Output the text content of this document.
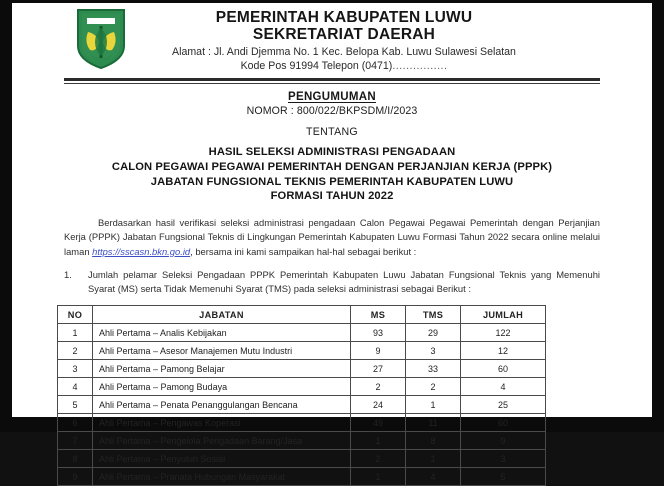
PEMERINTAH KABUPATEN LUWU
SEKRETARIAT DAERAH
Alamat : Jl. Andi Djemma No. 1 Kec. Belopa Kab. Luwu Sulawesi Selatan
Kode Pos 91994 Telepon (0471)................
PENGUMUMAN
NOMOR : 800/022/BKPSDM/I/2023
TENTANG
HASIL SELEKSI ADMINISTRASI PENGADAAN
CALON PEGAWAI PEGAWAI PEMERINTAH DENGAN PERJANJIAN KERJA (PPPK)
JABATAN FUNGSIONAL TEKNIS PEMERINTAH KABUPATEN LUWU
FORMASI TAHUN 2022
Berdasarkan hasil verifikasi seleksi administrasi pengadaan Calon Pegawai Pegawai Pemerintah dengan Perjanjian Kerja (PPPK) Jabatan Fungsional Teknis di Lingkungan Pemerintah Kabupaten Luwu Formasi Tahun 2022 secara online melalui laman https://sscasn.bkn.go.id, bersama ini kami sampaikan hal-hal sebagai berikut :
1.	Jumlah pelamar Seleksi Pengadaan PPPK Pemerintah Kabupaten Luwu Jabatan Fungsional Teknis yang Memenuhi Syarat (MS) serta Tidak Memenuhi Syarat (TMS) pada seleksi administrasi sebagai Berikut :
NO	JABATAN	MS	TMS	JUMLAH
1	Ahli Pertama – Analis Kebijakan	93	29	122
2	Ahli Pertama – Asesor Manajemen Mutu Industri	9	3	12
3	Ahli Pertama – Pamong Belajar	27	33	60
4	Ahli Pertama – Pamong Budaya	2	2	4
5	Ahli Pertama – Penata Penanggulangan Bencana	24	1	25
6	Ahli Pertama – Pengawas Koperasi	49	11	60
7	Ahli Pertama – Pengelola Pengadaan Barang/Jasa	1	8	9
8	Ahli Pertama – Penyuluh Sosial	2	1	3
9	Ahli Pertama – Pranata Hubungan Masyarakat	1	4	5
